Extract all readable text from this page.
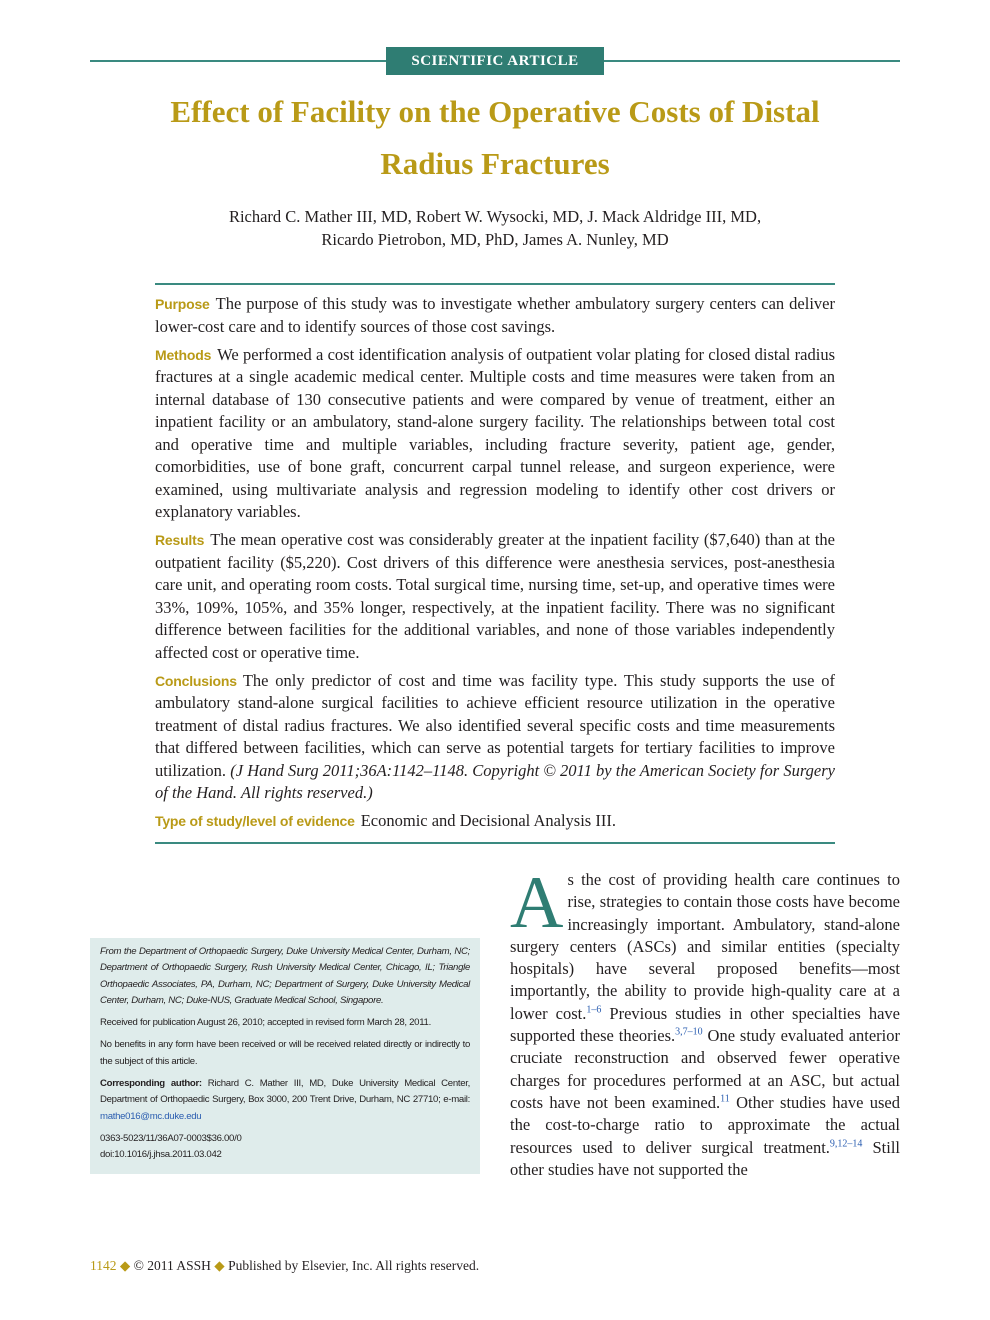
SCIENTIFIC ARTICLE
Effect of Facility on the Operative Costs of Distal
Radius Fractures
Richard C. Mather III, MD, Robert W. Wysocki, MD, J. Mack Aldridge III, MD,
Ricardo Pietrobon, MD, PhD, James A. Nunley, MD

Purpose The purpose of this study was to investigate whether ambulatory surgery centers can deliver lower-cost care and to identify sources of those cost savings.

Methods We performed a cost identification analysis of outpatient volar plating for closed distal radius fractures at a single academic medical center. Multiple costs and time measures were taken from an internal database of 130 consecutive patients and were compared by venue of treatment, either an inpatient facility or an ambulatory, stand-alone surgery facility. The relationships between total cost and operative time and multiple variables, including fracture severity, patient age, gender, comorbidities, use of bone graft, concurrent carpal tunnel release, and surgeon experience, were examined, using multivariate analysis and regression modeling to identify other cost drivers or explanatory variables.

Results The mean operative cost was considerably greater at the inpatient facility ($7,640) than at the outpatient facility ($5,220). Cost drivers of this difference were anesthesia services, post-anesthesia care unit, and operating room costs. Total surgical time, nursing time, set-up, and operative times were 33%, 109%, 105%, and 35% longer, respectively, at the inpatient facility. There was no significant difference between facilities for the additional variables, and none of those variables independently affected cost or operative time.

Conclusions The only predictor of cost and time was facility type. This study supports the use of ambulatory stand-alone surgical facilities to achieve efficient resource utilization in the operative treatment of distal radius fractures. We also identified several specific costs and time measurements that differed between facilities, which can serve as potential targets for tertiary facilities to improve utilization. (J Hand Surg 2011;36A:1142–1148. Copyright © 2011 by the American Society for Surgery of the Hand. All rights reserved.)

Type of study/level of evidence Economic and Decisional Analysis III.

From the Department of Orthopaedic Surgery, Duke University Medical Center, Durham, NC; Department of Orthopaedic Surgery, Rush University Medical Center, Chicago, IL; Triangle Orthopaedic Associates, PA, Durham, NC; Department of Surgery, Duke University Medical Center, Durham, NC; Duke-NUS, Graduate Medical School, Singapore.

Received for publication August 26, 2010; accepted in revised form March 28, 2011.

No benefits in any form have been received or will be received related directly or indirectly to the subject of this article.

Corresponding author: Richard C. Mather III, MD, Duke University Medical Center, Department of Orthopaedic Surgery, Box 3000, 200 Trent Drive, Durham, NC 27710; e-mail: mathe016@mc.duke.edu

0363-5023/11/36A07-0003$36.00/0
doi:10.1016/j.jhsa.2011.03.042

As the cost of providing health care continues to rise, strategies to contain those costs have become increasingly important. Ambulatory, stand-alone surgery centers (ASCs) and similar entities (specialty hospitals) have several proposed benefits—most importantly, the ability to provide high-quality care at a lower cost.$^{1-6}$ Previous studies in other specialties have supported these theories.$^{3,7-10}$ One study evaluated anterior cruciate reconstruction and observed fewer operative charges for procedures performed at an ASC, but actual costs have not been examined.$^{11}$ Other studies have used the cost-to-charge ratio to approximate the actual resources used to deliver surgical treatment.$^{9,12-14}$ Still other studies have not supported the
1142 ◆ © 2011 ASSH ◆ Published by Elsevier, Inc. All rights reserved.
